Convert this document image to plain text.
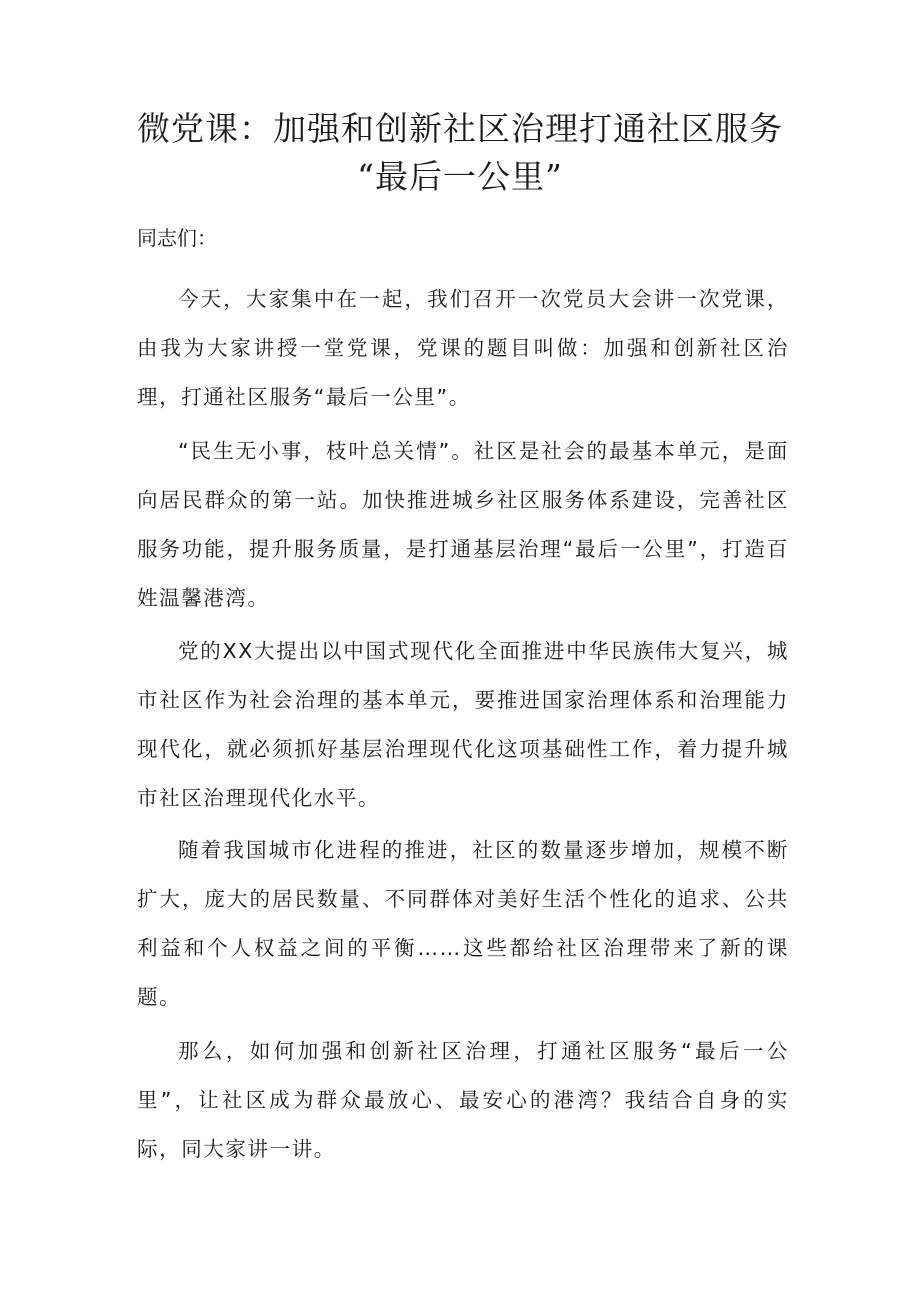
微党课：加强和创新社区治理打通社区服务
“最后一公里”

同志们：

今天，大家集中在一起，我们召开一次党员大会讲一次党课，由我为大家讲授一堂党课，党课的题目叫做：加强和创新社区治理，打通社区服务“最后一公里”。

“民生无小事，枝叶总关情”。社区是社会的最基本单元，是面向居民群众的第一站。加快推进城乡社区服务体系建设，完善社区服务功能，提升服务质量，是打通基层治理“最后一公里”，打造百姓温馨港湾。

党的XX大提出以中国式现代化全面推进中华民族伟大复兴，城市社区作为社会治理的基本单元，要推进国家治理体系和治理能力现代化，就必须抓好基层治理现代化这项基础性工作，着力提升城市社区治理现代化水平。

随着我国城市化进程的推进，社区的数量逐步增加，规模不断扩大，庞大的居民数量、不同群体对美好生活个性化的追求、公共利益和个人权益之间的平衡……这些都给社区治理带来了新的课题。

那么，如何加强和创新社区治理，打通社区服务“最后一公里”，让社区成为群众最放心、最安心的港湾？我结合自身的实际，同大家讲一讲。
